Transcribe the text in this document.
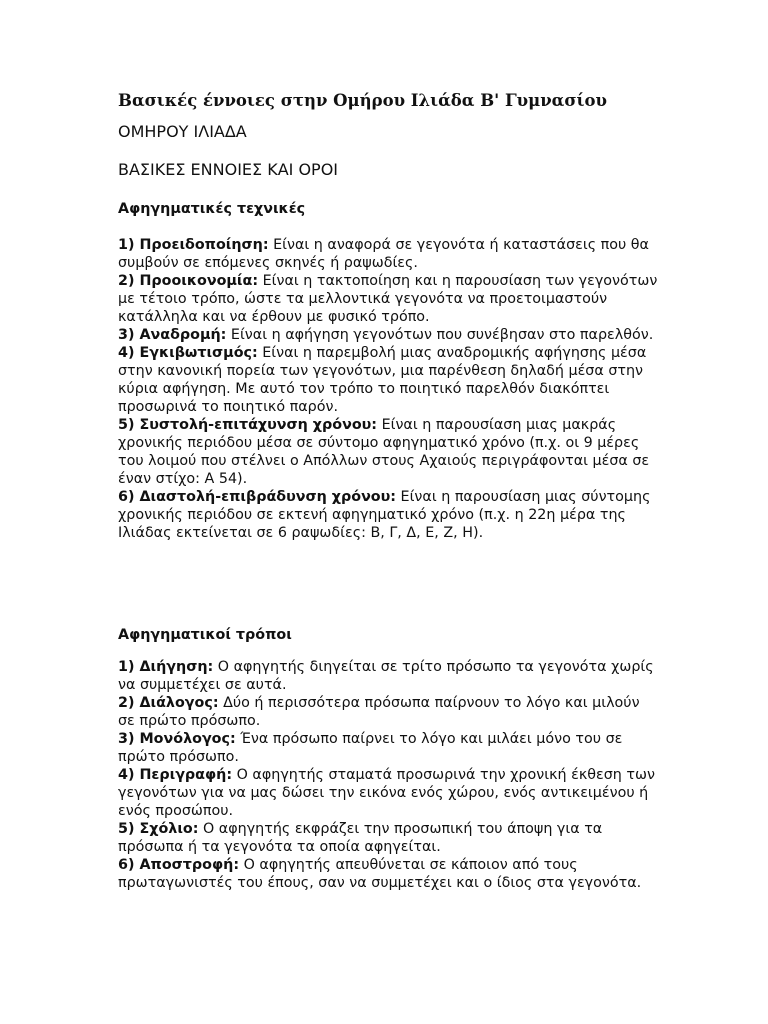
Βασικές έννοιες στην Ομήρου Ιλιάδα Β' Γυμνασίου
ΟΜΗΡΟΥ ΙΛΙΑΔΑ
ΒΑΣΙΚΕΣ ΕΝΝΟΙΕΣ ΚΑΙ ΟΡΟΙ
Αφηγηματικές τεχνικές

1) Προειδοποίηση: Είναι η αναφορά σε γεγονότα ή καταστάσεις που θα συμβούν σε επόμενες σκηνές ή ραψωδίες.

2) Προοικονομία: Είναι η τακτοποίηση και η παρουσίαση των γεγονότων με τέτοιο τρόπο, ώστε τα μελλοντικά γεγονότα να προετοιμαστούν κατάλληλα και να έρθουν με φυσικό τρόπο.

3) Αναδρομή: Είναι η αφήγηση γεγονότων που συνέβησαν στο παρελθόν.

4) Εγκιβωτισμός: Είναι η παρεμβολή μιας αναδρομικής αφήγησης μέσα στην κανονική πορεία των γεγονότων, μια παρένθεση δηλαδή μέσα στην κύρια αφήγηση. Με αυτό τον τρόπο το ποιητικό παρελθόν διακόπτει προσωρινά το ποιητικό παρόν.

5) Συστολή-επιτάχυνση χρόνου: Είναι η παρουσίαση μιας μακράς χρονικής περιόδου μέσα σε σύντομο αφηγηματικό χρόνο (π.χ. οι 9 μέρες του λοιμού που στέλνει ο Απόλλων στους Αχαιούς περιγράφονται μέσα σε έναν στίχο: Α 54).

6) Διαστολή-επιβράδυνση χρόνου: Είναι η παρουσίαση μιας σύντομης χρονικής περιόδου σε εκτενή αφηγηματικό χρόνο (π.χ. η 22η μέρα της Ιλιάδας εκτείνεται σε 6 ραψωδίες: Β, Γ, Δ, Ε, Ζ, Η).

Αφηγηματικοί τρόποι

1) Διήγηση: Ο αφηγητής διηγείται σε τρίτο πρόσωπο τα γεγονότα χωρίς να συμμετέχει σε αυτά.

2) Διάλογος: Δύο ή περισσότερα πρόσωπα παίρνουν το λόγο και μιλούν σε πρώτο πρόσωπο.

3) Μονόλογος: Ένα πρόσωπο παίρνει το λόγο και μιλάει μόνο του σε πρώτο πρόσωπο.

4) Περιγραφή: Ο αφηγητής σταματά προσωρινά την χρονική έκθεση των γεγονότων για να μας δώσει την εικόνα ενός χώρου, ενός αντικειμένου ή ενός προσώπου.

5) Σχόλιο: Ο αφηγητής εκφράζει την προσωπική του άποψη για τα πρόσωπα ή τα γεγονότα τα οποία αφηγείται.

6) Αποστροφή: Ο αφηγητής απευθύνεται σε κάποιον από τους πρωταγωνιστές του έπους, σαν να συμμετέχει και ο ίδιος στα γεγονότα.
